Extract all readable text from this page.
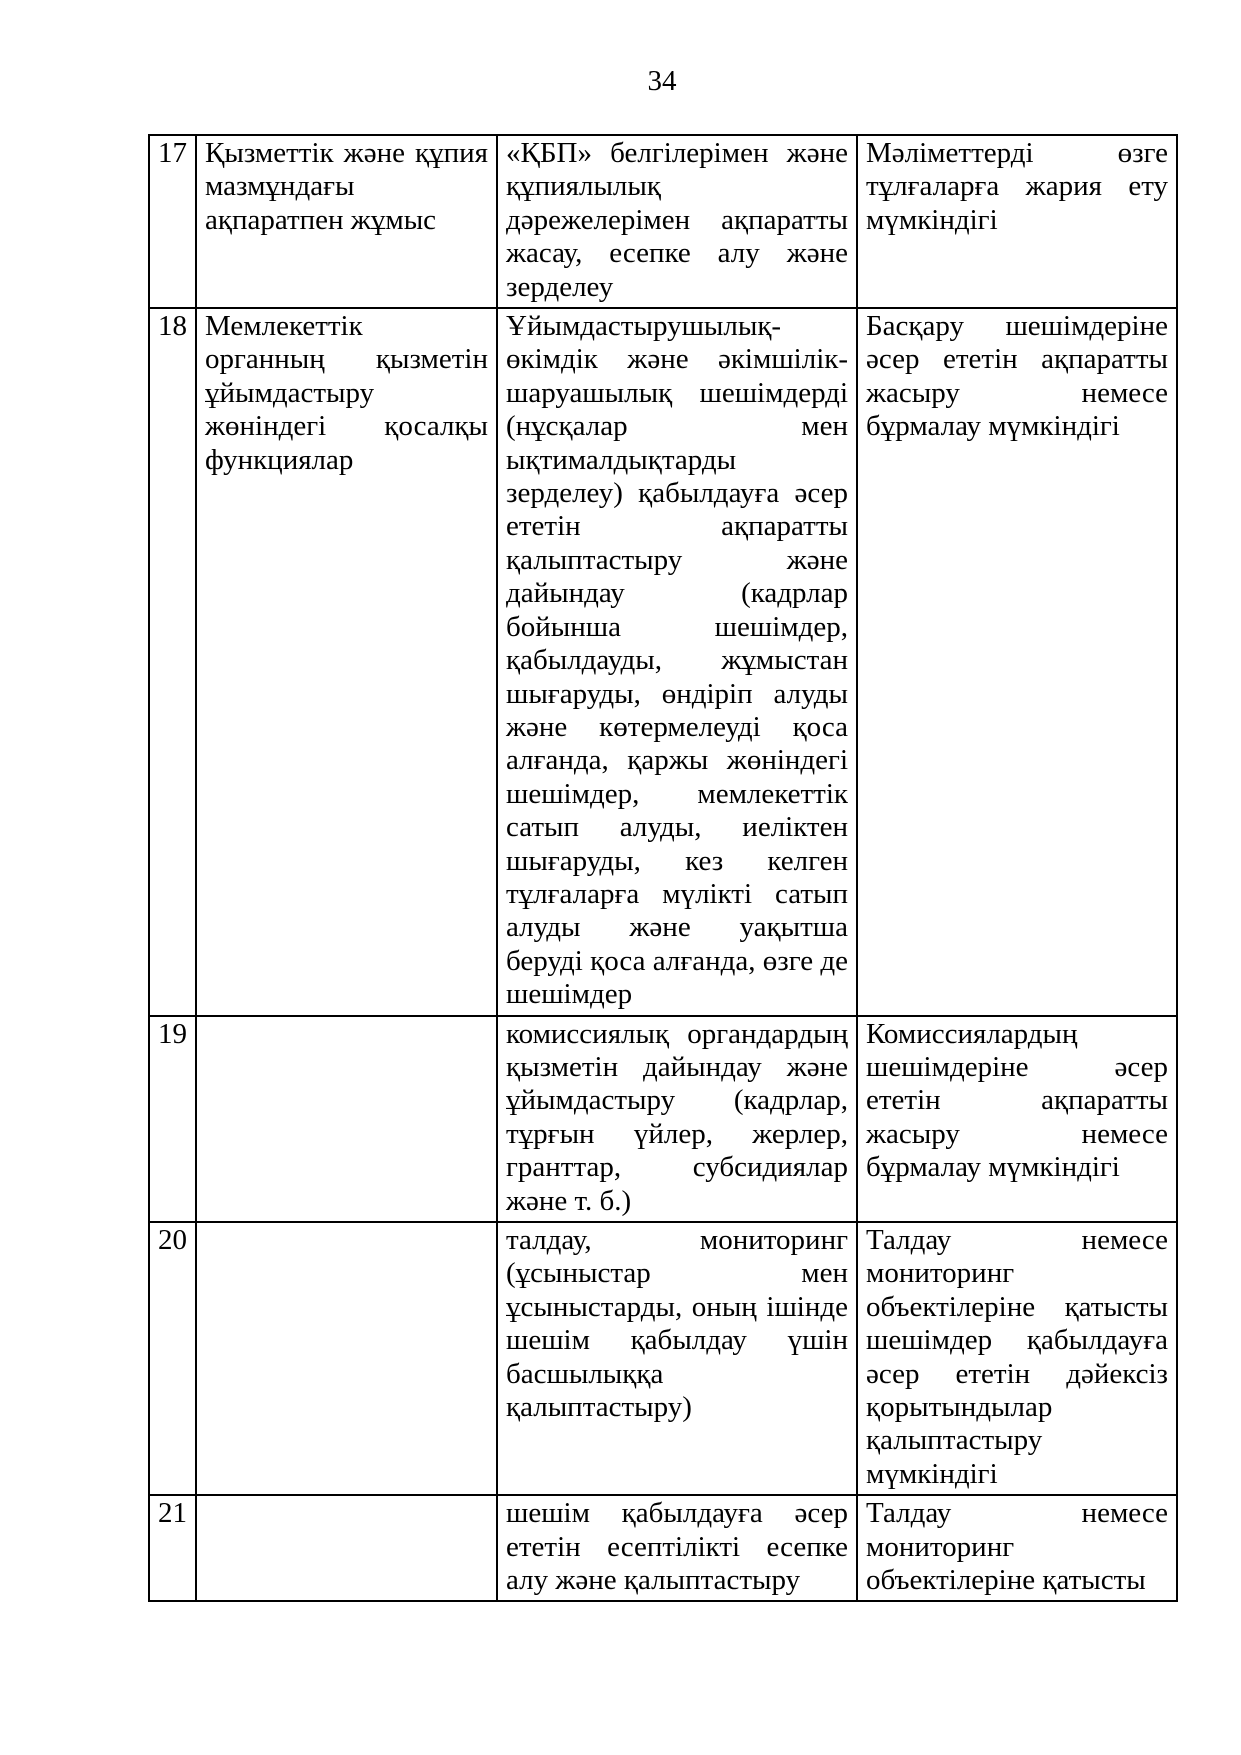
34
17	Қызметтік және құпия мазмұндағы ақпаратпен жұмыс	«ҚБП» белгілерімен және құпиялылық дәрежелерімен ақпаратты жасау, есепке алу және зерделеу	Мәліметтерді өзге тұлғаларға жария ету мүмкіндігі
18	Мемлекеттік органның қызметін ұйымдастыру жөніндегі қосалқы функциялар	Ұйымдастырушылық-өкімдік және әкімшілік-шаруашылық шешімдерді (нұсқалар мен ықтималдықтарды зерделеу) қабылдауға әсер ететін ақпаратты қалыптастыру және дайындау (кадрлар бойынша шешімдер, қабылдауды, жұмыстан шығаруды, өндіріп алуды және көтермелеуді қоса алғанда, қаржы жөніндегі шешімдер, мемлекеттік сатып алуды, иеліктен шығаруды, кез келген тұлғаларға мүлікті сатып алуды және уақытша беруді қоса алғанда, өзге де шешімдер	Басқару шешімдеріне әсер ететін ақпаратты жасыру немесе бұрмалау мүмкіндігі
19		комиссиялық органдардың қызметін дайындау және ұйымдастыру (кадрлар, тұрғын үйлер, жерлер, гранттар, субсидиялар және т. б.)	Комиссиялардың шешімдеріне әсер ететін ақпаратты жасыру немесе бұрмалау мүмкіндігі
20		талдау, мониторинг (ұсыныстар мен ұсыныстарды, оның ішінде шешім қабылдау үшін басшылыққа қалыптастыру)	Талдау немесе мониторинг объектілеріне қатысты шешімдер қабылдауға әсер ететін дәйексіз қорытындылар қалыптастыру мүмкіндігі
21		шешім қабылдауға әсер ететін есептілікті есепке алу және қалыптастыру	Талдау немесе мониторинг объектілеріне қатысты
